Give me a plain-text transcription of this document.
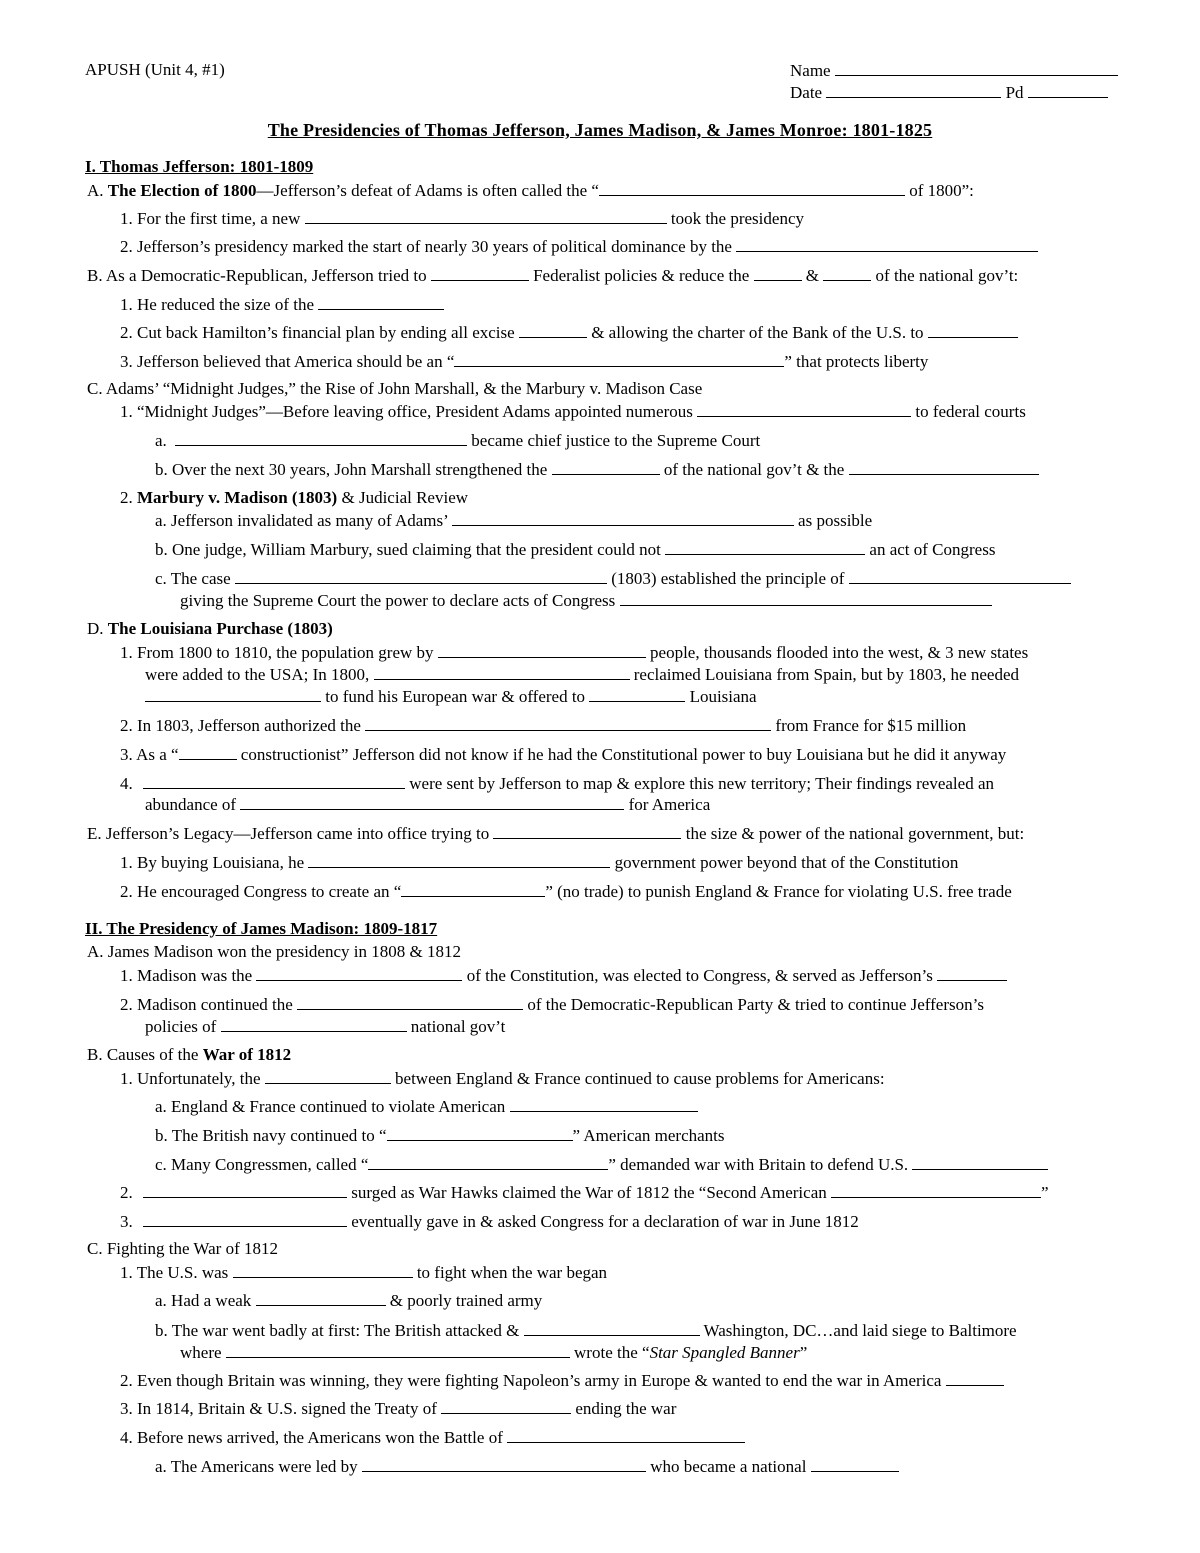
APUSH (Unit 4, #1)	Name
Date	Pd
The Presidencies of Thomas Jefferson, James Madison, & James Monroe: 1801-1825
I. Thomas Jefferson: 1801-1809
A. The Election of 1800—Jefferson’s defeat of Adams is often called the “	of 1800”:
1. For the first time, a new	took the presidency
2. Jefferson’s presidency marked the start of nearly 30 years of political dominance by the
B. As a Democratic-Republican, Jefferson tried to	Federalist policies & reduce the	&	of the national gov’t:
1. He reduced the size of the
2. Cut back Hamilton’s financial plan by ending all excise	& allowing the charter of the Bank of the U.S. to
3. Jefferson believed that America should be an “	” that protects liberty
C. Adams’ “Midnight Judges,” the Rise of John Marshall, & the Marbury v. Madison Case
1. “Midnight Judges”—Before leaving office, President Adams appointed numerous	to federal courts
a.	became chief justice to the Supreme Court
b. Over the next 30 years, John Marshall strengthened the	of the national gov’t & the
2. Marbury v. Madison (1803) & Judicial Review
a. Jefferson invalidated as many of Adams’	as possible
b. One judge, William Marbury, sued claiming that the president could not	an act of Congress
c. The case	(1803) established the principle of
giving the Supreme Court the power to declare acts of Congress
D. The Louisiana Purchase (1803)
1. From 1800 to 1810, the population grew by	people, thousands flooded into the west, & 3 new states
were added to the USA; In 1800,	reclaimed Louisiana from Spain, but by 1803, he needed
to fund his European war & offered to	Louisiana
2. In 1803, Jefferson authorized the	from France for $15 million
3. As a “	constructionist” Jefferson did not know if he had the Constitutional power to buy Louisiana but he did it anyway
4.	were sent by Jefferson to map & explore this new territory; Their findings revealed an
abundance of	for America
E. Jefferson’s Legacy—Jefferson came into office trying to	the size & power of the national government, but:
1. By buying Louisiana, he	government power beyond that of the Constitution
2. He encouraged Congress to create an “	” (no trade) to punish England & France for violating U.S. free trade
II. The Presidency of James Madison: 1809-1817
A. James Madison won the presidency in 1808 & 1812
1. Madison was the	of the Constitution, was elected to Congress, & served as Jefferson’s
2. Madison continued the	of the Democratic-Republican Party & tried to continue Jefferson’s
policies of	national gov’t
B. Causes of the War of 1812
1. Unfortunately, the	between England & France continued to cause problems for Americans:
a. England & France continued to violate American
b. The British navy continued to “	” American merchants
c. Many Congressmen, called “	” demanded war with Britain to defend U.S.
2.	surged as War Hawks claimed the War of 1812 the “Second American	”
3.	eventually gave in & asked Congress for a declaration of war in June 1812
C. Fighting the War of 1812
1. The U.S. was	to fight when the war began
a. Had a weak	& poorly trained army
b. The war went badly at first: The British attacked &	Washington, DC…and laid siege to Baltimore
where	wrote the “Star Spangled Banner”
2. Even though Britain was winning, they were fighting Napoleon’s army in Europe & wanted to end the war in America
3. In 1814, Britain & U.S. signed the Treaty of	ending the war
4. Before news arrived, the Americans won the Battle of
a. The Americans were led by	who became a national
